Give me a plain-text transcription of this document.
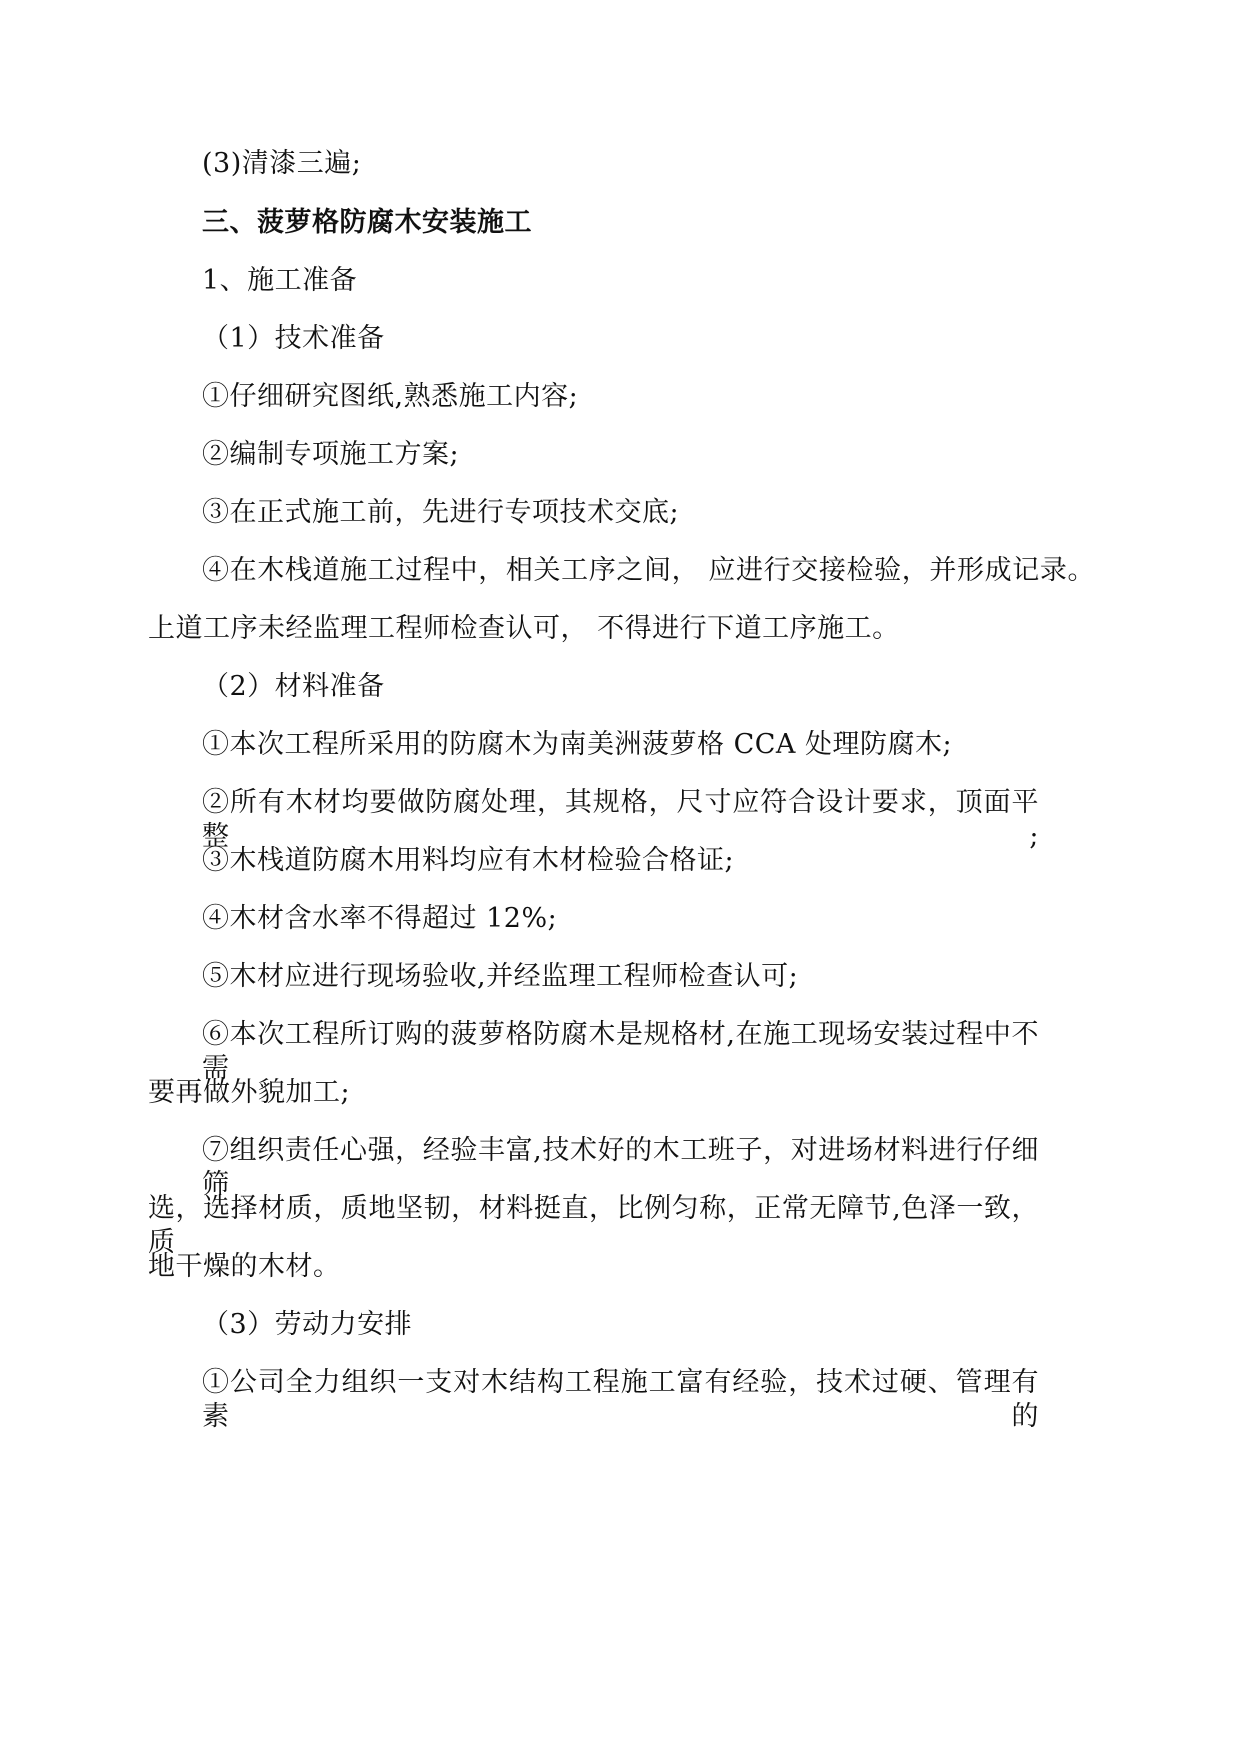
(3)清漆三遍;
三、菠萝格防腐木安装施工
1、施工准备
（1）技术准备
①仔细研究图纸,熟悉施工内容;
②编制专项施工方案;
③在正式施工前，先进行专项技术交底;
④在木栈道施工过程中，相关工序之间， 应进行交接检验，并形成记录。
上道工序未经监理工程师检查认可， 不得进行下道工序施工。
（2）材料准备
①本次工程所采用的防腐木为南美洲菠萝格 CCA 处理防腐木;
②所有木材均要做防腐处理，其规格，尺寸应符合设计要求，顶面平整;
③木栈道防腐木用料均应有木材检验合格证;
④木材含水率不得超过 12%;
⑤木材应进行现场验收,并经监理工程师检查认可;
⑥本次工程所订购的菠萝格防腐木是规格材,在施工现场安装过程中不需
要再做外貌加工;
⑦组织责任心强，经验丰富,技术好的木工班子，对进场材料进行仔细筛
选，选择材质，质地坚韧，材料挺直，比例匀称，正常无障节,色泽一致，质
地干燥的木材。
（3）劳动力安排
①公司全力组织一支对木结构工程施工富有经验，技术过硬、管理有素的
